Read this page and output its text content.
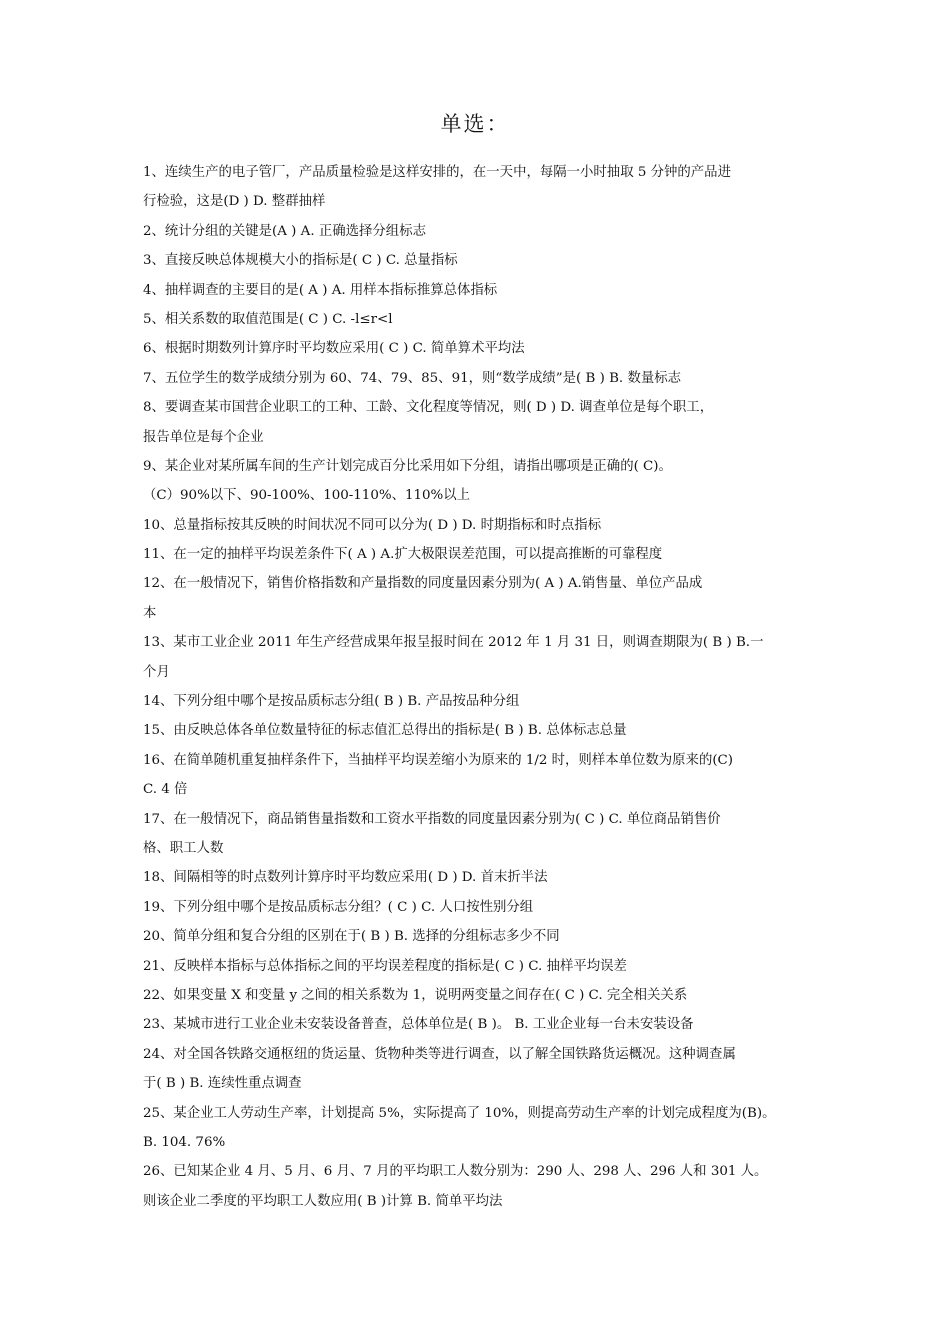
单选：
1、连续生产的电子管厂，产品质量检验是这样安排的，在一天中，每隔一小时抽取 5 分钟的产品进
行检验，这是(D ) D. 整群抽样
2、统计分组的关键是(A ) A. 正确选择分组标志
3、直接反映总体规模大小的指标是( C ) C. 总量指标
4、抽样调查的主要目的是( A ) A. 用样本指标推算总体指标
5、相关系数的取值范围是( C ) C. -l≤r<l
6、根据时期数列计算序时平均数应采用( C ) C. 简单算术平均法
7、五位学生的数学成绩分别为 60、74、79、85、91，则“数学成绩”是( B ) B. 数量标志
8、要调查某市国营企业职工的工种、工龄、文化程度等情况，则( D ) D. 调查单位是每个职工，
报告单位是每个企业
9、某企业对某所属车间的生产计划完成百分比采用如下分组，请指出哪项是正确的( C)。
（C）90%以下、90-100%、100-110%、110%以上
10、总量指标按其反映的时间状况不同可以分为( D ) D. 时期指标和时点指标
11、在一定的抽样平均误差条件下( A ) A.扩大极限误差范围，可以提高推断的可靠程度
12、在一般情况下，销售价格指数和产量指数的同度量因素分别为( A ) A.销售量、单位产品成
本
13、某市工业企业 2011 年生产经营成果年报呈报时间在 2012 年 1 月 31 日，则调查期限为( B ) B.一
个月
14、下列分组中哪个是按品质标志分组( B ) B. 产品按品种分组
15、由反映总体各单位数量特征的标志值汇总得出的指标是( B ) B. 总体标志总量
16、在简单随机重复抽样条件下，当抽样平均误差缩小为原来的 1/2 时，则样本单位数为原来的(C)
C. 4 倍
17、在一般情况下，商品销售量指数和工资水平指数的同度量因素分别为( C ) C. 单位商品销售价
格、职工人数
18、间隔相等的时点数列计算序时平均数应采用( D ) D. 首末折半法
19、下列分组中哪个是按品质标志分组？( C ) C. 人口按性别分组
20、简单分组和复合分组的区别在于( B ) B. 选择的分组标志多少不同
21、反映样本指标与总体指标之间的平均误差程度的指标是( C ) C. 抽样平均误差
22、如果变量 X 和变量 y 之间的相关系数为 1，说明两变量之间存在( C ) C. 完全相关关系
23、某城市进行工业企业未安装设备普查，总体单位是( B )。 B. 工业企业每一台未安装设备
24、对全国各铁路交通枢纽的货运量、货物种类等进行调查，以了解全国铁路货运概况。这种调查属
于( B ) B. 连续性重点调查
25、某企业工人劳动生产率，计划提高 5%，实际提高了 10%，则提高劳动生产率的计划完成程度为(B)。
B. 104. 76%
26、已知某企业 4 月、5 月、6 月、7 月的平均职工人数分别为：290 人、298 人、296 人和 301 人。
则该企业二季度的平均职工人数应用( B )计算 B. 简单平均法
